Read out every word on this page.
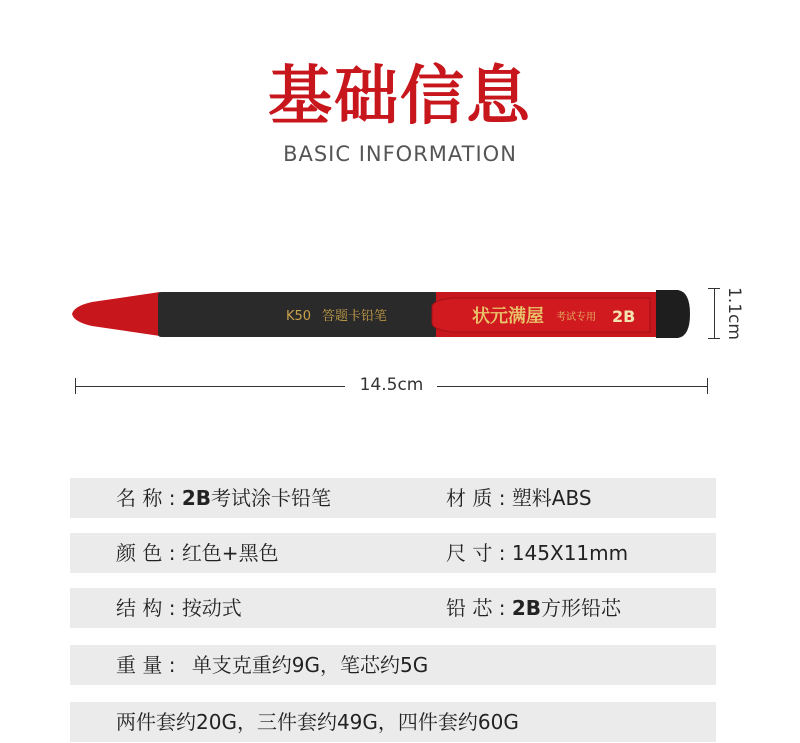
基础信息
BASIC INFORMATION
K50 答题卡铅笔	状元满屋 考试专用 2B	1.1cm
14.5cm
名 称 : 2B考试涂卡铅笔	材 质 : 塑料ABS
颜 色 : 红色+黑色	尺 寸 : 145X11mm
结 构 : 按动式	铅 芯 : 2B方形铅芯
重 量 : 单支克重约9G，笔芯约5G
两件套约20G，三件套约49G，四件套约60G
